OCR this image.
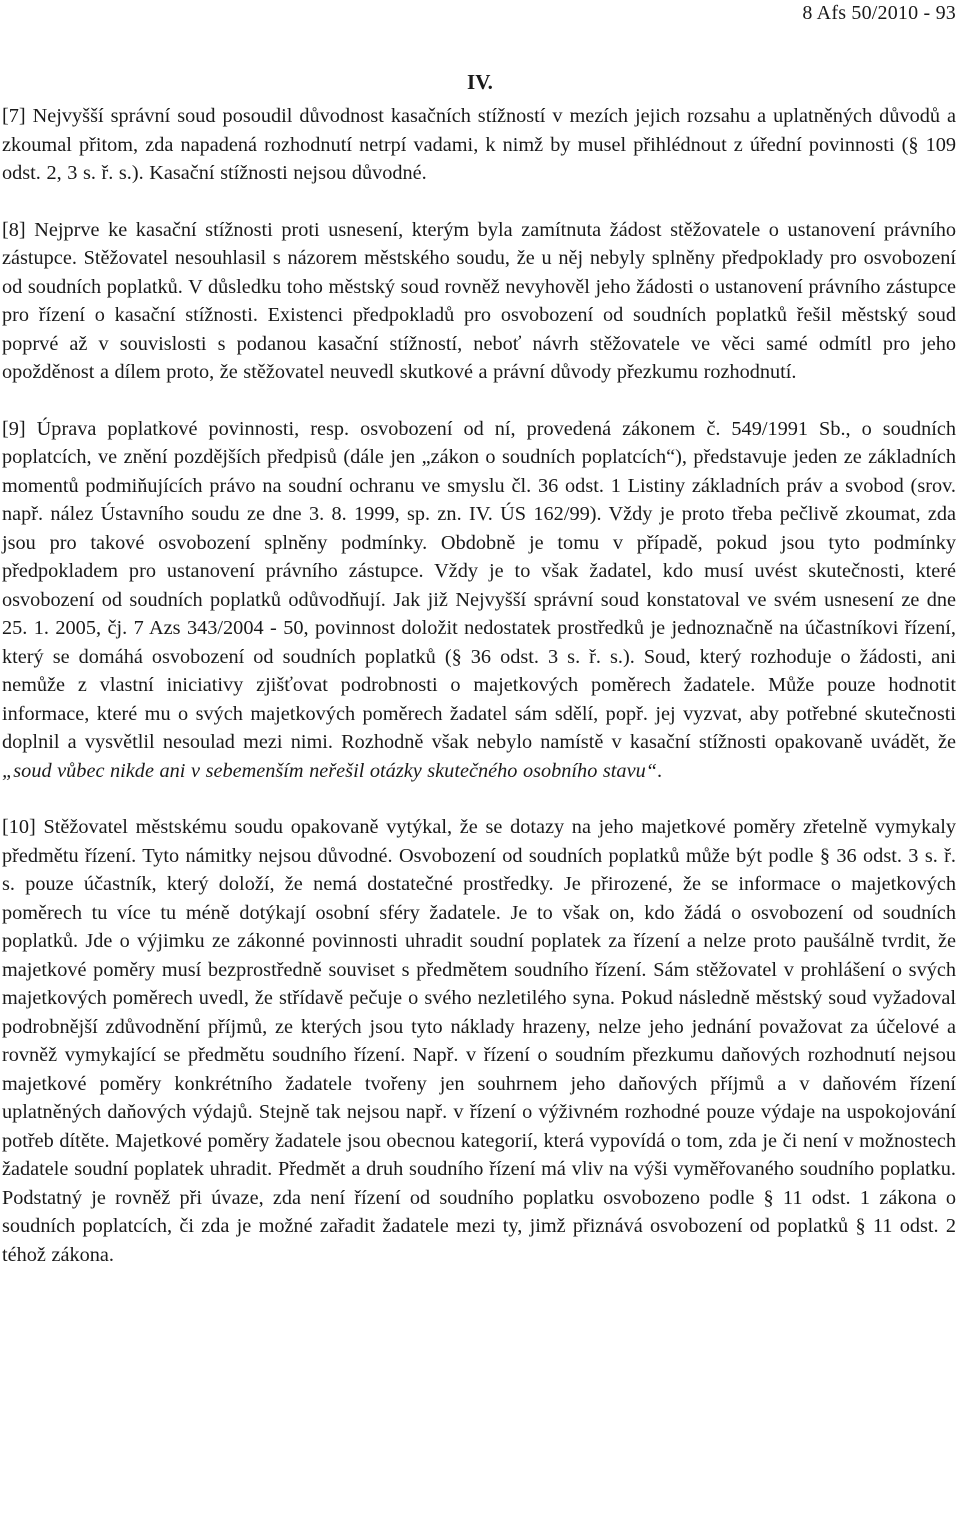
8 Afs 50/2010 - 93
IV.

[7] Nejvyšší správní soud posoudil důvodnost kasačních stížností v mezích jejich rozsahu a uplatněných důvodů a zkoumal přitom, zda napadená rozhodnutí netrpí vadami, k nimž by musel přihlédnout z úřední povinnosti (§ 109 odst. 2, 3 s. ř. s.). Kasační stížnosti nejsou důvodné.

[8] Nejprve ke kasační stížnosti proti usnesení, kterým byla zamítnuta žádost stěžovatele o ustanovení právního zástupce. Stěžovatel nesouhlasil s názorem městského soudu, že u něj nebyly splněny předpoklady pro osvobození od soudních poplatků. V důsledku toho městský soud rovněž nevyhověl jeho žádosti o ustanovení právního zástupce pro řízení o kasační stížnosti. Existenci předpokladů pro osvobození od soudních poplatků řešil městský soud poprvé až v souvislosti s podanou kasační stížností, neboť návrh stěžovatele ve věci samé odmítl pro jeho opožděnost a dílem proto, že stěžovatel neuvedl skutkové a právní důvody přezkumu rozhodnutí.

[9] Úprava poplatkové povinnosti, resp. osvobození od ní, provedená zákonem č. 549/1991 Sb., o soudních poplatcích, ve znění pozdějších předpisů (dále jen „zákon o soudních poplatcích“), představuje jeden ze základních momentů podmiňujících právo na soudní ochranu ve smyslu čl. 36 odst. 1 Listiny základních práv a svobod (srov. např. nález Ústavního soudu ze dne 3. 8. 1999, sp. zn. IV. ÚS 162/99). Vždy je proto třeba pečlivě zkoumat, zda jsou pro takové osvobození splněny podmínky. Obdobně je tomu v případě, pokud jsou tyto podmínky předpokladem pro ustanovení právního zástupce. Vždy je to však žadatel, kdo musí uvést skutečnosti, které osvobození od soudních poplatků odůvodňují. Jak již Nejvyšší správní soud konstatoval ve svém usnesení ze dne 25. 1. 2005, čj. 7 Azs 343/2004 - 50, povinnost doložit nedostatek prostředků je jednoznačně na účastníkovi řízení, který se domáhá osvobození od soudních poplatků (§ 36 odst. 3 s. ř. s.). Soud, který rozhoduje o žádosti, ani nemůže z vlastní iniciativy zjišťovat podrobnosti o majetkových poměrech žadatele. Může pouze hodnotit informace, které mu o svých majetkových poměrech žadatel sám sdělí, popř. jej vyzvat, aby potřebné skutečnosti doplnil a vysvětlil nesoulad mezi nimi. Rozhodně však nebylo namístě v kasační stížnosti opakovaně uvádět, že „soud vůbec nikde ani v sebemenším neřešil otázky skutečného osobního stavu“.

[10] Stěžovatel městskému soudu opakovaně vytýkal, že se dotazy na jeho majetkové poměry zřetelně vymykaly předmětu řízení. Tyto námitky nejsou důvodné. Osvobození od soudních poplatků může být podle § 36 odst. 3 s. ř. s. pouze účastník, který doloží, že nemá dostatečné prostředky. Je přirozené, že se informace o majetkových poměrech tu více tu méně dotýkají osobní sféry žadatele. Je to však on, kdo žádá o osvobození od soudních poplatků. Jde o výjimku ze zákonné povinnosti uhradit soudní poplatek za řízení a nelze proto paušálně tvrdit, že majetkové poměry musí bezprostředně souviset s předmětem soudního řízení. Sám stěžovatel v prohlášení o svých majetkových poměrech uvedl, že střídavě pečuje o svého nezletilého syna. Pokud následně městský soud vyžadoval podrobnější zdůvodnění příjmů, ze kterých jsou tyto náklady hrazeny, nelze jeho jednání považovat za účelové a rovněž vymykající se předmětu soudního řízení. Např. v řízení o soudním přezkumu daňových rozhodnutí nejsou majetkové poměry konkrétního žadatele tvořeny jen souhrnem jeho daňových příjmů a v daňovém řízení uplatněných daňových výdajů. Stejně tak nejsou např. v řízení o výživném rozhodné pouze výdaje na uspokojování potřeb dítěte. Majetkové poměry žadatele jsou obecnou kategorií, která vypovídá o tom, zda je či není v možnostech žadatele soudní poplatek uhradit. Předmět a druh soudního řízení má vliv na výši vyměřovaného soudního poplatku. Podstatný je rovněž při úvaze, zda není řízení od soudního poplatku osvobozeno podle § 11 odst. 1 zákona o soudních poplatcích, či zda je možné zařadit žadatele mezi ty, jimž přiznává osvobození od poplatků § 11 odst. 2 téhož zákona.
